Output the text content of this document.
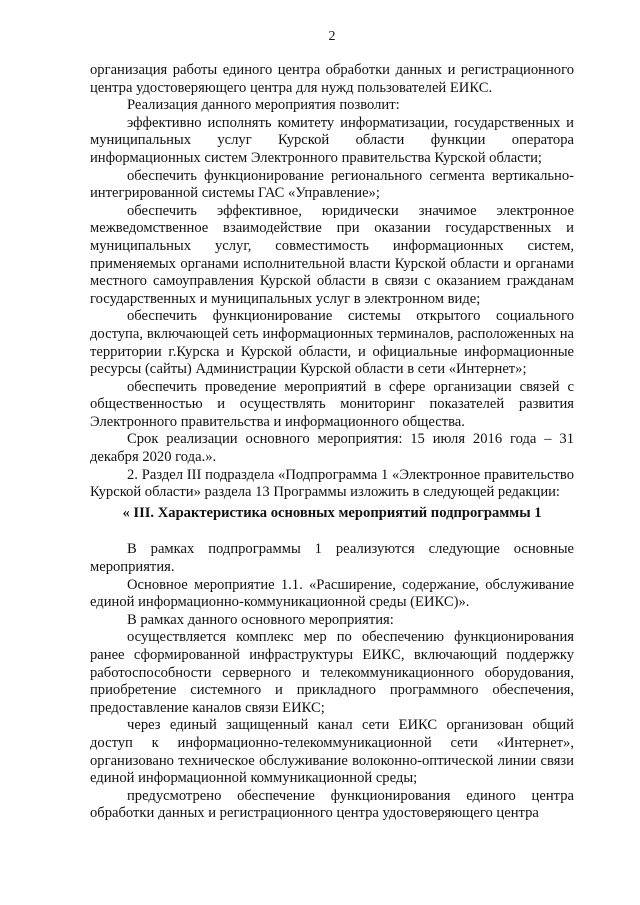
2

организация работы единого центра обработки данных и регистрационного центра удостоверяющего центра для нужд пользователей ЕИКС.

Реализация данного мероприятия позволит:

эффективно исполнять комитету информатизации, государственных и муниципальных услуг Курской области функции оператора информационных систем Электронного правительства Курской области;

обеспечить функционирование регионального сегмента вертикально-интегрированной системы ГАС «Управление»;

обеспечить эффективное, юридически значимое электронное межведомственное взаимодействие при оказании государственных и муниципальных услуг, совместимость информационных систем, применяемых органами исполнительной власти Курской области и органами местного самоуправления Курской области в связи с оказанием гражданам государственных и муниципальных услуг в электронном виде;

обеспечить функционирование системы открытого социального доступа, включающей сеть информационных терминалов, расположенных на территории г.Курска и Курской области, и официальные информационные ресурсы (сайты) Администрации Курской области в сети «Интернет»;

обеспечить проведение мероприятий в сфере организации связей с общественностью и осуществлять мониторинг показателей развития Электронного правительства и информационного общества.

Срок реализации основного мероприятия: 15 июля 2016 года – 31 декабря 2020 года.».

2. Раздел III подраздела «Подпрограмма 1 «Электронное правительство Курской области» раздела 13 Программы изложить в следующей редакции:

« III. Характеристика основных мероприятий подпрограммы 1

В рамках подпрограммы 1 реализуются следующие основные мероприятия.

Основное мероприятие 1.1. «Расширение, содержание, обслуживание единой информационно-коммуникационной среды (ЕИКС)».

В рамках данного основного мероприятия:

осуществляется комплекс мер по обеспечению функционирования ранее сформированной инфраструктуры ЕИКС, включающий поддержку работоспособности серверного и телекоммуникационного оборудования, приобретение системного и прикладного программного обеспечения, предоставление каналов связи ЕИКС;

через единый защищенный канал сети ЕИКС организован общий доступ к информационно-телекоммуникационной сети «Интернет», организовано техническое обслуживание волоконно-оптической линии связи единой информационной коммуникационной среды;

предусмотрено обеспечение функционирования единого центра обработки данных и регистрационного центра удостоверяющего центра
